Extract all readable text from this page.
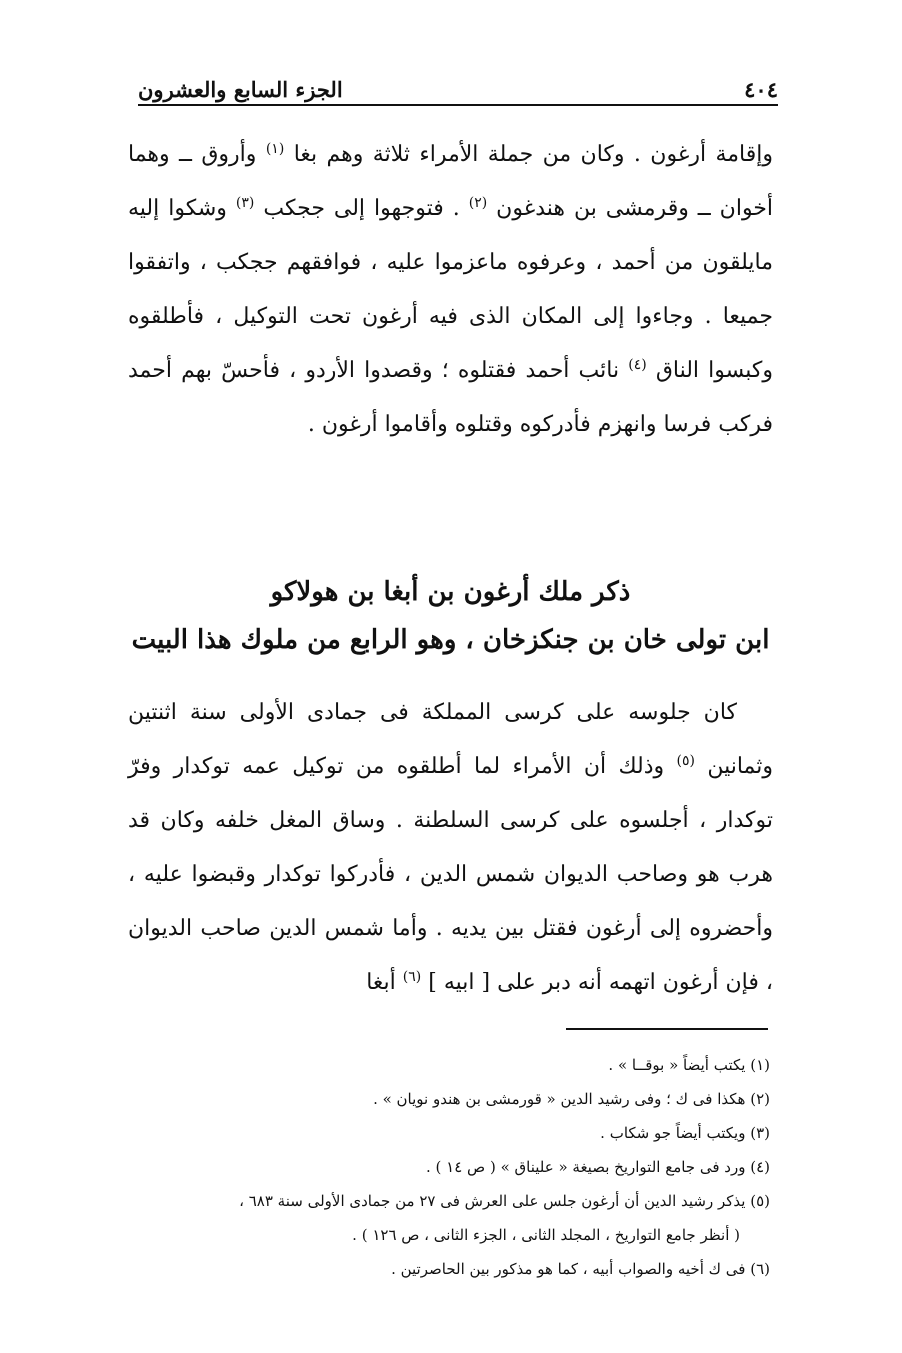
٤٠٤
الجزء السابع والعشرون
وإقامة أرغون . وكان من جملة الأمراء ثلاثة وهم بغا $^{(١)}$ وأروق ــ وهما أخوان ــ وقرمشى بن هندغون $^{(٢)}$ . فتوجهوا إلى ججكب $^{(٣)}$ وشكوا إليه مايلقون من أحمد ، وعرفوه ماعزموا عليه ، فوافقهم ججكب ، واتفقوا جميعا . وجاءوا إلى المكان الذى فيه أرغون تحت التوكيل ، فأطلقوه وكبسوا الناق $^{(٤)}$ نائب أحمد فقتلوه ؛ وقصدوا الأردو ، فأحسّ بهم أحمد فركب فرسا وانهزم فأدركوه وقتلوه وأقاموا أرغون .
ذكر ملك أرغون بن أبغا بن هولاكو
ابن تولى خان بن جنكزخان ، وهو الرابع من ملوك هذا البيت
كان جلوسه على كرسى المملكة فى جمادى الأولى سنة اثنتين وثمانين $^{(٥)}$ وذلك أن الأمراء لما أطلقوه من توكيل عمه توكدار وفرّ توكدار ، أجلسوه على كرسى السلطنة . وساق المغل خلفه وكان قد هرب هو وصاحب الديوان شمس الدين ، فأدركوا توكدار وقبضوا عليه ، وأحضروه إلى أرغون فقتل بين يديه . وأما شمس الدين صاحب الديوان ، فإن أرغون اتهمه أنه دبر على [ ابيه ] $^{(٦)}$ أبغا
(١) يكتب أيضاً « بوقــا » .
(٢) هكذا فى ك ؛ وفى رشيد الدين « قورمشى بن هندو نويان » .
(٣) ويكتب أيضاً جو شكاب .
(٤) ورد فى جامع التواريخ بصيغة « عليناق » ( ص ١٤ ) .
(٥) يذكر رشيد الدين أن أرغون جلس على العرش فى ٢٧ من جمادى الأولى سنة ٦٨٣ ،
( أنظر جامع التواريخ ، المجلد الثانى ، الجزء الثانى ، ص ١٢٦ ) .
(٦) فى ك أخيه والصواب أبيه ، كما هو مذكور بين الحاصرتين .
